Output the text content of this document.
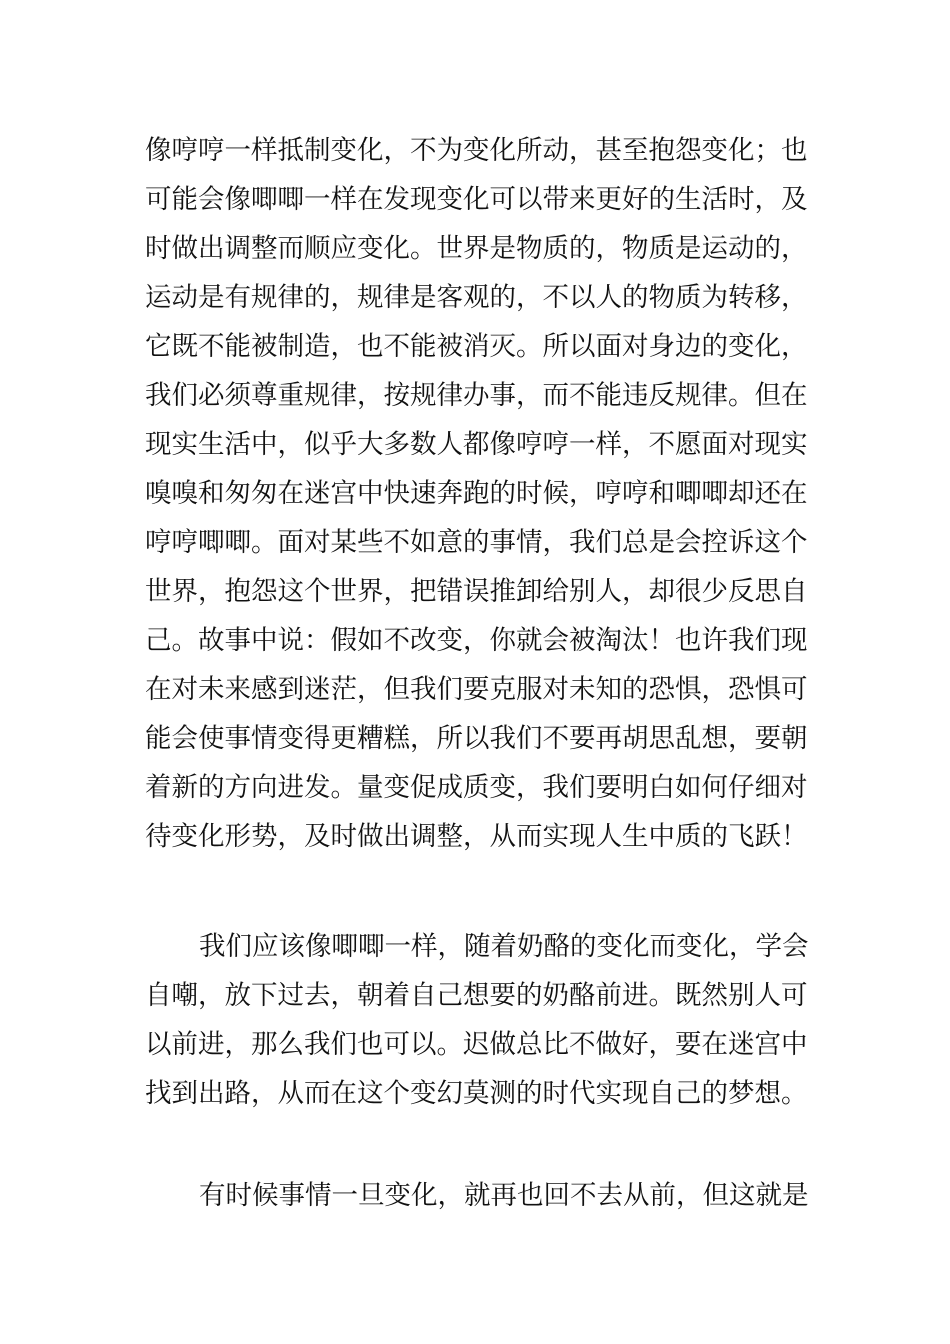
像哼哼一样抵制变化，不为变化所动，甚至抱怨变化；也
可能会像唧唧一样在发现变化可以带来更好的生活时，及
时做出调整而顺应变化。世界是物质的，物质是运动的，
运动是有规律的，规律是客观的，不以人的物质为转移，
它既不能被制造，也不能被消灭。所以面对身边的变化，
我们必须尊重规律，按规律办事，而不能违反规律。但在
现实生活中，似乎大多数人都像哼哼一样，不愿面对现实
嗅嗅和匆匆在迷宫中快速奔跑的时候，哼哼和唧唧却还在
哼哼唧唧。面对某些不如意的事情，我们总是会控诉这个
世界，抱怨这个世界，把错误推卸给别人，却很少反思自
己。故事中说：假如不改变，你就会被淘汰！也许我们现
在对未来感到迷茫，但我们要克服对未知的恐惧，恐惧可
能会使事情变得更糟糕，所以我们不要再胡思乱想，要朝
着新的方向进发。量变促成质变，我们要明白如何仔细对
待变化形势，及时做出调整，从而实现人生中质的飞跃！
我们应该像唧唧一样，随着奶酪的变化而变化，学会
自嘲，放下过去，朝着自己想要的奶酪前进。既然别人可
以前进，那么我们也可以。迟做总比不做好，要在迷宫中
找到出路，从而在这个变幻莫测的时代实现自己的梦想。
有时候事情一旦变化，就再也回不去从前，但这就是
